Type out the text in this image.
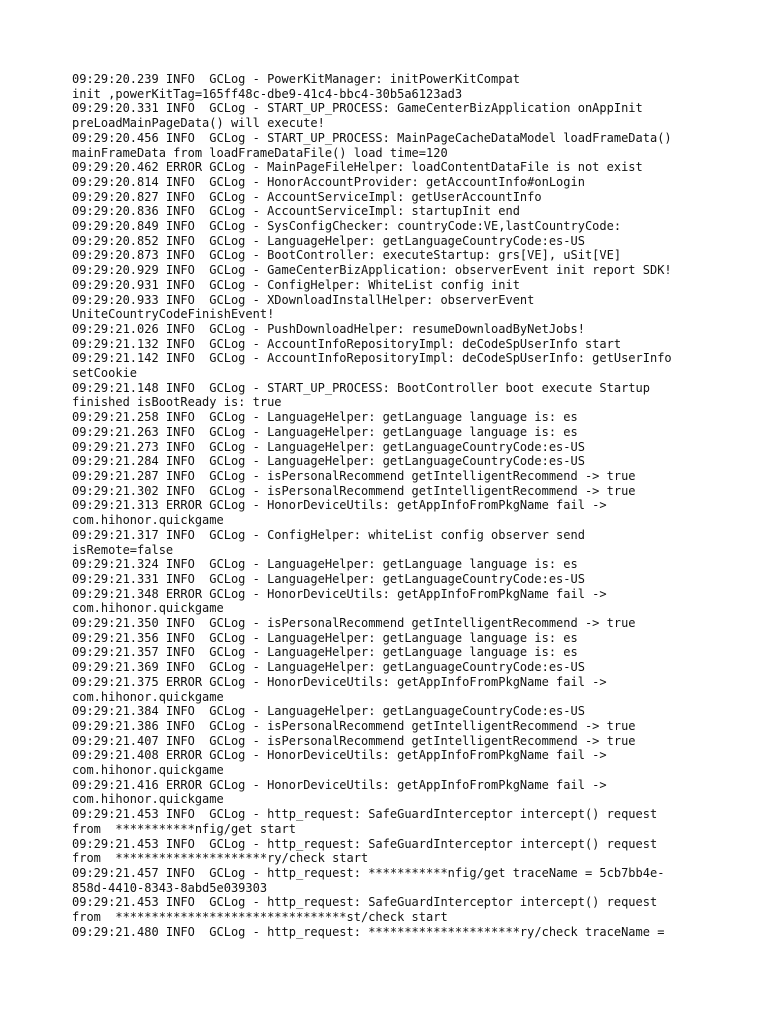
09:29:20.239 INFO  GCLog - PowerKitManager: initPowerKitCompat
init ,powerKitTag=165ff48c-dbe9-41c4-bbc4-30b5a6123ad3
09:29:20.331 INFO  GCLog - START_UP_PROCESS: GameCenterBizApplication onAppInit
preLoadMainPageData() will execute!
09:29:20.456 INFO  GCLog - START_UP_PROCESS: MainPageCacheDataModel loadFrameData()
mainFrameData from loadFrameDataFile() load time=120
09:29:20.462 ERROR GCLog - MainPageFileHelper: loadContentDataFile is not exist
09:29:20.814 INFO  GCLog - HonorAccountProvider: getAccountInfo#onLogin
09:29:20.827 INFO  GCLog - AccountServiceImpl: getUserAccountInfo
09:29:20.836 INFO  GCLog - AccountServiceImpl: startupInit end
09:29:20.849 INFO  GCLog - SysConfigChecker: countryCode:VE,lastCountryCode:
09:29:20.852 INFO  GCLog - LanguageHelper: getLanguageCountryCode:es-US
09:29:20.873 INFO  GCLog - BootController: executeStartup: grs[VE], uSit[VE]
09:29:20.929 INFO  GCLog - GameCenterBizApplication: observerEvent init report SDK!
09:29:20.931 INFO  GCLog - ConfigHelper: WhiteList config init
09:29:20.933 INFO  GCLog - XDownloadInstallHelper: observerEvent
UniteCountryCodeFinishEvent!
09:29:21.026 INFO  GCLog - PushDownloadHelper: resumeDownloadByNetJobs!
09:29:21.132 INFO  GCLog - AccountInfoRepositoryImpl: deCodeSpUserInfo start
09:29:21.142 INFO  GCLog - AccountInfoRepositoryImpl: deCodeSpUserInfo: getUserInfo
setCookie
09:29:21.148 INFO  GCLog - START_UP_PROCESS: BootController boot execute Startup
finished isBootReady is: true
09:29:21.258 INFO  GCLog - LanguageHelper: getLanguage language is: es
09:29:21.263 INFO  GCLog - LanguageHelper: getLanguage language is: es
09:29:21.273 INFO  GCLog - LanguageHelper: getLanguageCountryCode:es-US
09:29:21.284 INFO  GCLog - LanguageHelper: getLanguageCountryCode:es-US
09:29:21.287 INFO  GCLog - isPersonalRecommend getIntelligentRecommend -> true
09:29:21.302 INFO  GCLog - isPersonalRecommend getIntelligentRecommend -> true
09:29:21.313 ERROR GCLog - HonorDeviceUtils: getAppInfoFromPkgName fail ->
com.hihonor.quickgame
09:29:21.317 INFO  GCLog - ConfigHelper: whiteList config observer send
isRemote=false
09:29:21.324 INFO  GCLog - LanguageHelper: getLanguage language is: es
09:29:21.331 INFO  GCLog - LanguageHelper: getLanguageCountryCode:es-US
09:29:21.348 ERROR GCLog - HonorDeviceUtils: getAppInfoFromPkgName fail ->
com.hihonor.quickgame
09:29:21.350 INFO  GCLog - isPersonalRecommend getIntelligentRecommend -> true
09:29:21.356 INFO  GCLog - LanguageHelper: getLanguage language is: es
09:29:21.357 INFO  GCLog - LanguageHelper: getLanguage language is: es
09:29:21.369 INFO  GCLog - LanguageHelper: getLanguageCountryCode:es-US
09:29:21.375 ERROR GCLog - HonorDeviceUtils: getAppInfoFromPkgName fail ->
com.hihonor.quickgame
09:29:21.384 INFO  GCLog - LanguageHelper: getLanguageCountryCode:es-US
09:29:21.386 INFO  GCLog - isPersonalRecommend getIntelligentRecommend -> true
09:29:21.407 INFO  GCLog - isPersonalRecommend getIntelligentRecommend -> true
09:29:21.408 ERROR GCLog - HonorDeviceUtils: getAppInfoFromPkgName fail ->
com.hihonor.quickgame
09:29:21.416 ERROR GCLog - HonorDeviceUtils: getAppInfoFromPkgName fail ->
com.hihonor.quickgame
09:29:21.453 INFO  GCLog - http_request: SafeGuardInterceptor intercept() request
from  ***********nfig/get start
09:29:21.453 INFO  GCLog - http_request: SafeGuardInterceptor intercept() request
from  *********************ry/check start
09:29:21.457 INFO  GCLog - http_request: ***********nfig/get traceName = 5cb7bb4e-
858d-4410-8343-8abd5e039303
09:29:21.453 INFO  GCLog - http_request: SafeGuardInterceptor intercept() request
from  ********************************st/check start
09:29:21.480 INFO  GCLog - http_request: *********************ry/check traceName =
